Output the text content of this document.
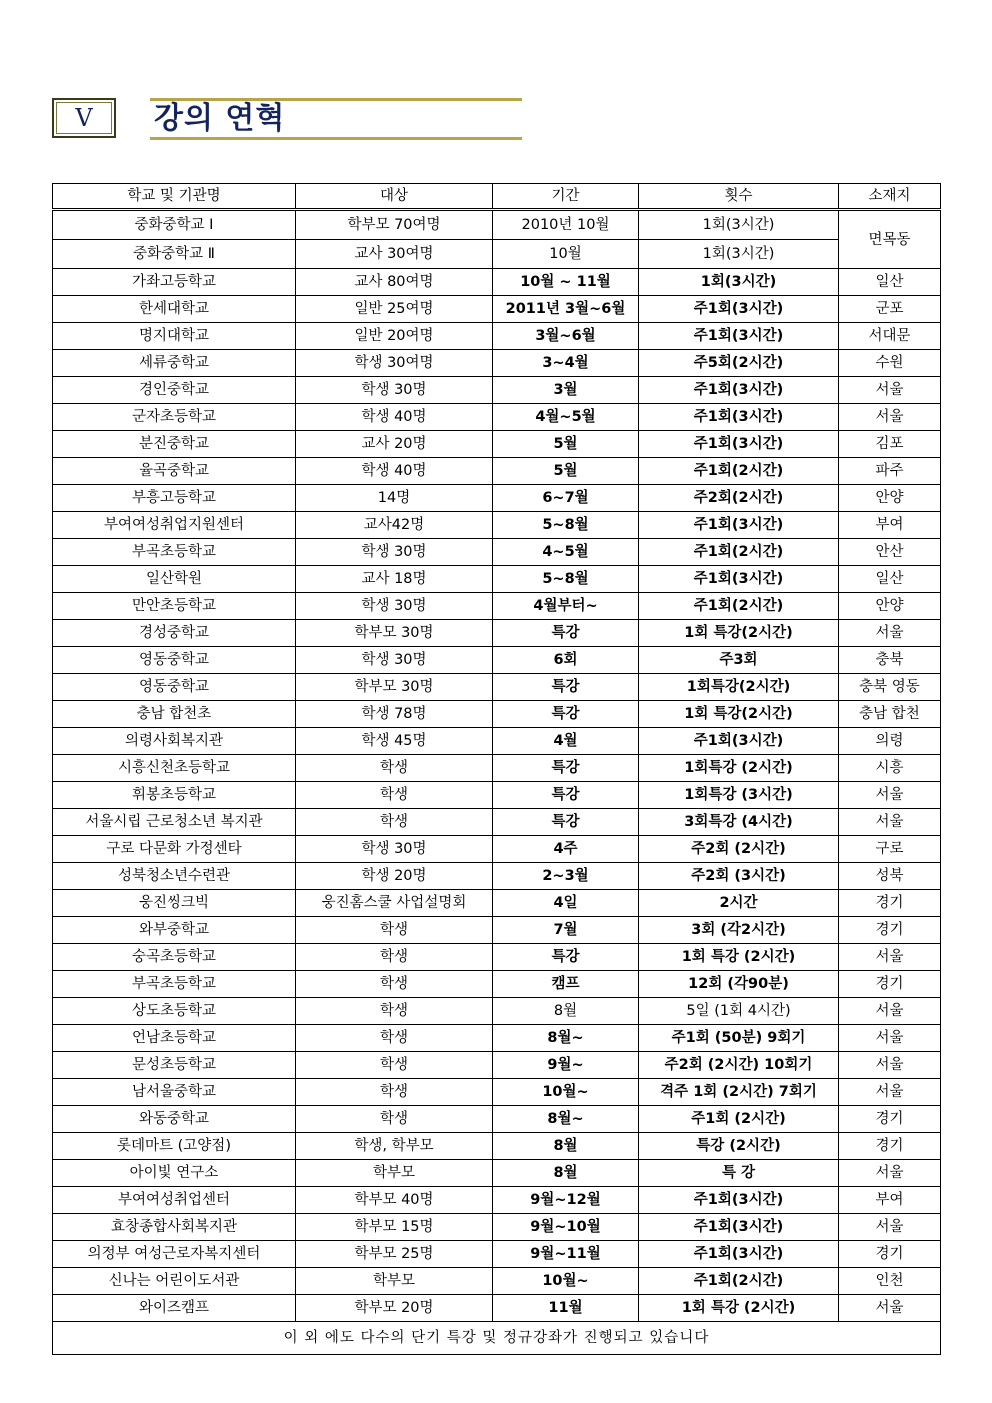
Ⅴ 강의 연혁
학교 및 기관명	대상	기간	횟수	소재지
중화중학교 Ⅰ	학부모 70여명	2010년 10월	1회(3시간)	면목동
중화중학교 Ⅱ	교사 30여명	10월	1회(3시간)	
가좌고등학교	교사 80여명	10월 ~ 11월	1회(3시간)	일산
한세대학교	일반 25여명	2011년 3월~6월	주1회(3시간)	군포
명지대학교	일반 20여명	3월~6월	주1회(3시간)	서대문
세류중학교	학생 30여명	3~4월	주5회(2시간)	수원
경인중학교	학생 30명	3월	주1회(3시간)	서울
군자초등학교	학생 40명	4월~5월	주1회(3시간)	서울
분진중학교	교사 20명	5월	주1회(3시간)	김포
율곡중학교	학생 40명	5월	주1회(2시간)	파주
부흥고등학교	14명	6~7월	주2회(2시간)	안양
부여여성취업지원센터	교사42명	5~8월	주1회(3시간)	부여
부곡초등학교	학생 30명	4~5월	주1회(2시간)	안산
일산학원	교사 18명	5~8월	주1회(3시간)	일산
만안초등학교	학생 30명	4월부터~	주1회(2시간)	안양
경성중학교	학부모 30명	특강	1회 특강(2시간)	서울
영동중학교	학생 30명	6회	주3회	충북
영동중학교	학부모 30명	특강	1회특강(2시간)	충북 영동
충남 합천초	학생 78명	특강	1회 특강(2시간)	충남 합천
의령사회복지관	학생 45명	4월	주1회(3시간)	의령
시흥신천초등학교	학생	특강	1회특강 (2시간)	시흥
휘봉초등학교	학생	특강	1회특강 (3시간)	서울
서울시립 근로청소년 복지관	학생	특강	3회특강 (4시간)	서울
구로 다문화 가정센타	학생 30명	4주	주2회 (2시간)	구로
성북청소년수련관	학생 20명	2~3월	주2회 (3시간)	성북
웅진씽크빅	웅진홈스쿨 사업설명회	4일	2시간	경기
와부중학교	학생	7월	3회 (각2시간)	경기
숭곡초등학교	학생	특강	1회 특강 (2시간)	서울
부곡초등학교	학생	캠프	12회 (각90분)	경기
상도초등학교	학생	8월	5일 (1회 4시간)	서울
언남초등학교	학생	8월~	주1회 (50분) 9회기	서울
문성초등학교	학생	9월~	주2회 (2시간) 10회기	서울
남서울중학교	학생	10월~	격주 1회 (2시간) 7회기	서울
와동중학교	학생	8월~	주1회 (2시간)	경기
롯데마트 (고양점)	학생, 학부모	8월	특강 (2시간)	경기
아이빛 연구소	학부모	8월	특 강	서울
부여여성취업센터	학부모 40명	9월~12월	주1회(3시간)	부여
효창종합사회복지관	학부모 15명	9월~10월	주1회(3시간)	서울
의정부 여성근로자복지센터	학부모 25명	9월~11월	주1회(3시간)	경기
신나는 어린이도서관	학부모	10월~	주1회(2시간)	인천
와이즈캠프	학부모 20명	11월	1회 특강 (2시간)	서울
이 외 에도 다수의 단기 특강 및 정규강좌가 진행되고 있습니다				
